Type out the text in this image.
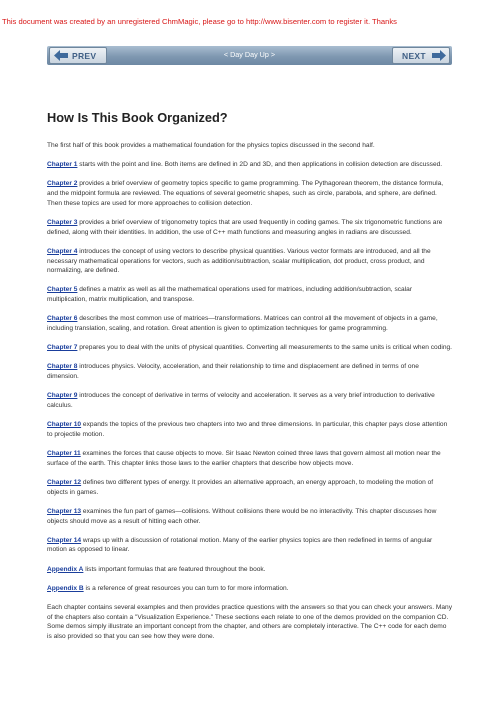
This document was created by an unregistered ChmMagic, please go to http://www.bisenter.com to register it. Thanks
< Day Day Up >
PREV	NEXT
How Is This Book Organized?

The first half of this book provides a mathematical foundation for the physics topics discussed in the second half.

Chapter 1 starts with the point and line. Both items are defined in 2D and 3D, and then applications in collision detection are discussed.

Chapter 2 provides a brief overview of geometry topics specific to game programming. The Pythagorean theorem, the distance formula, and the midpoint formula are reviewed. The equations of several geometric shapes, such as circle, parabola, and sphere, are defined. Then these topics are used for more approaches to collision detection.

Chapter 3 provides a brief overview of trigonometry topics that are used frequently in coding games. The six trigonometric functions are defined, along with their identities. In addition, the use of C++ math functions and measuring angles in radians are discussed.

Chapter 4 introduces the concept of using vectors to describe physical quantities. Various vector formats are introduced, and all the necessary mathematical operations for vectors, such as addition/subtraction, scalar multiplication, dot product, cross product, and normalizing, are defined.

Chapter 5 defines a matrix as well as all the mathematical operations used for matrices, including addition/subtraction, scalar multiplication, matrix multiplication, and transpose.

Chapter 6 describes the most common use of matrices—transformations. Matrices can control all the movement of objects in a game, including translation, scaling, and rotation. Great attention is given to optimization techniques for game programming.

Chapter 7 prepares you to deal with the units of physical quantities. Converting all measurements to the same units is critical when coding.

Chapter 8 introduces physics. Velocity, acceleration, and their relationship to time and displacement are defined in terms of one dimension.

Chapter 9 introduces the concept of derivative in terms of velocity and acceleration. It serves as a very brief introduction to derivative calculus.

Chapter 10 expands the topics of the previous two chapters into two and three dimensions. In particular, this chapter pays close attention to projectile motion.

Chapter 11 examines the forces that cause objects to move. Sir Isaac Newton coined three laws that govern almost all motion near the surface of the earth. This chapter links those laws to the earlier chapters that describe how objects move.

Chapter 12 defines two different types of energy. It provides an alternative approach, an energy approach, to modeling the motion of objects in games.

Chapter 13 examines the fun part of games—collisions. Without collisions there would be no interactivity. This chapter discusses how objects should move as a result of hitting each other.

Chapter 14 wraps up with a discussion of rotational motion. Many of the earlier physics topics are then redefined in terms of angular motion as opposed to linear.

Appendix A lists important formulas that are featured throughout the book.

Appendix B is a reference of great resources you can turn to for more information.

Each chapter contains several examples and then provides practice questions with the answers so that you can check your answers. Many of the chapters also contain a "Visualization Experience." These sections each relate to one of the demos provided on the companion CD. Some demos simply illustrate an important concept from the chapter, and others are completely interactive. The C++ code for each demo is also provided so that you can see how they were done.
